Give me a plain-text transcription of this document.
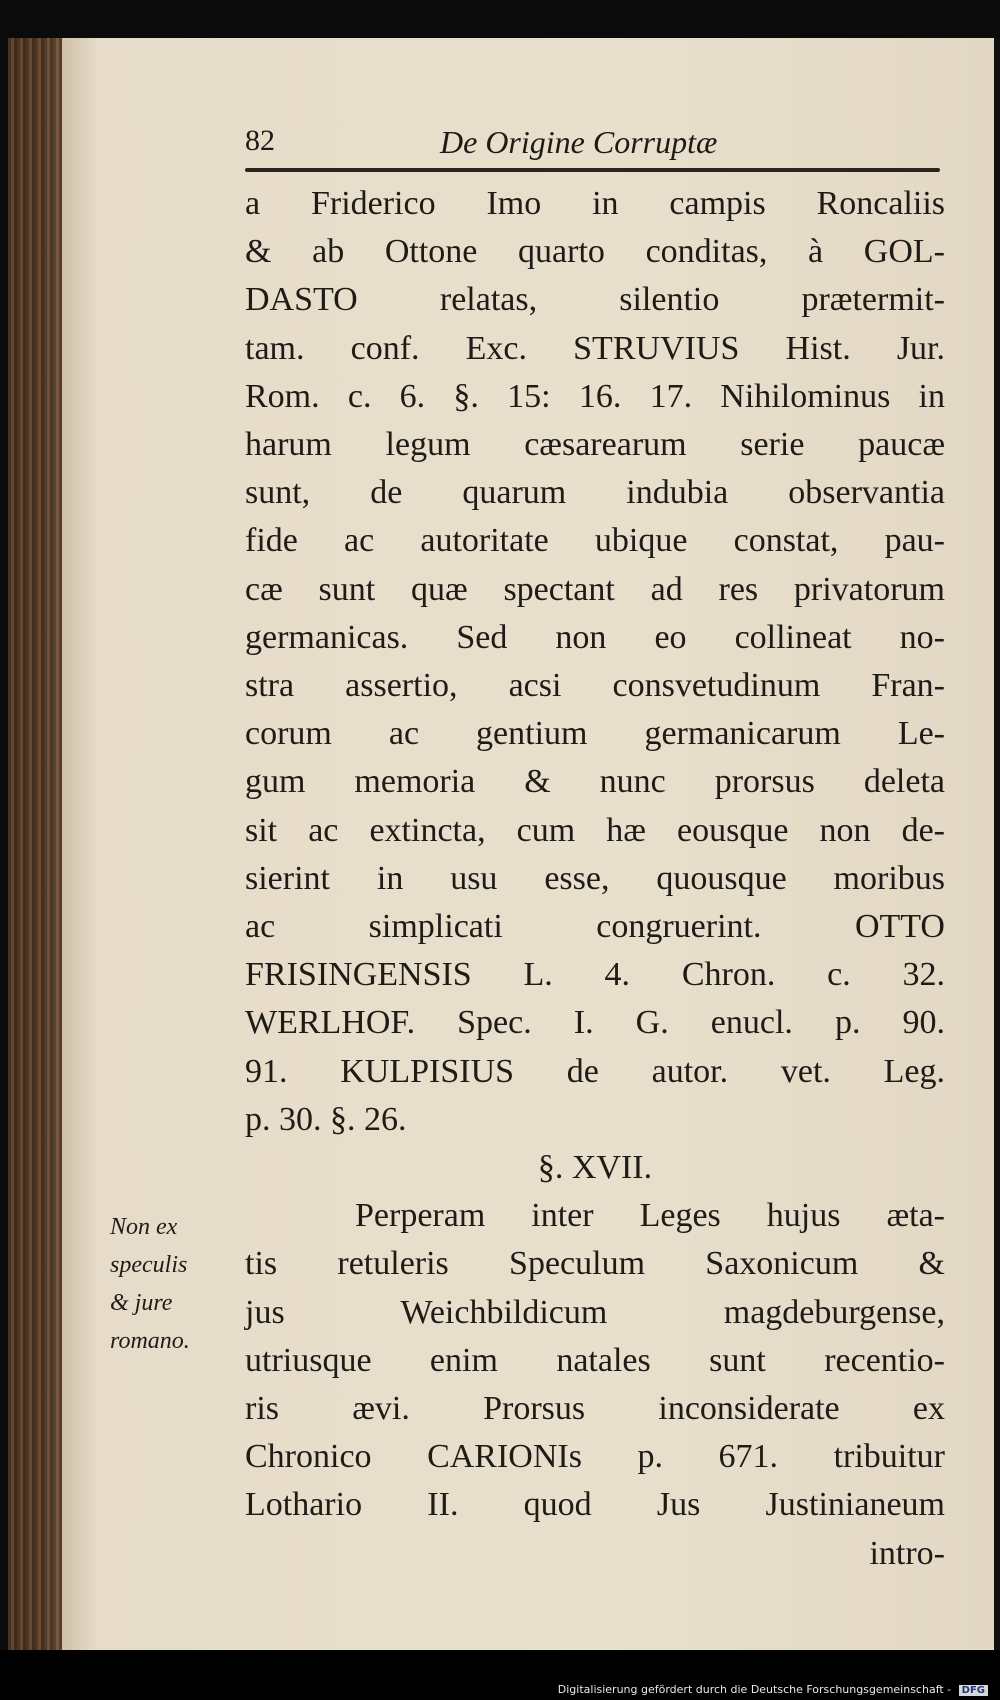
82	De Origine Corruptæ
a Friderico Imo in campis Roncaliis
& ab Ottone quarto conditas, à GOL-
DASTO relatas, silentio prætermit-
tam. conf. Exc. STRUVIUS Hist. Jur.
Rom. c. 6. §. 15: 16. 17. Nihilominus in
harum legum cæsarearum serie paucæ
sunt, de quarum indubia observantia
fide ac autoritate ubique constat, pau-
cæ sunt quæ spectant ad res privatorum
germanicas. Sed non eo collineat no-
stra assertio, acsi consvetudinum Fran-
corum ac gentium germanicarum Le-
gum memoria & nunc prorsus deleta
sit ac extincta, cum hæ eousque non de-
sierint in usu esse, quousque moribus
ac simplicati congruerint. OTTO
FRISINGENSIS L. 4. Chron. c. 32.
WERLHOF. Spec. I. G. enucl. p. 90.
91. KULPISIUS de autor. vet. Leg.
p. 30. §. 26.
§. XVII.
Perperam inter Leges hujus æta-
tis retuleris Speculum Saxonicum &
jus Weichbildicum magdeburgense,
utriusque enim natales sunt recentio-
ris ævi. Prorsus inconsiderate ex
Chronico CARIONIs p. 671. tribuitur
Lothario II. quod Jus Justinianeum
intro-
Non ex
speculis
& jure
romano.
Digitalisierung gefördert durch die Deutsche Forschungsgemeinschaft - DFG
